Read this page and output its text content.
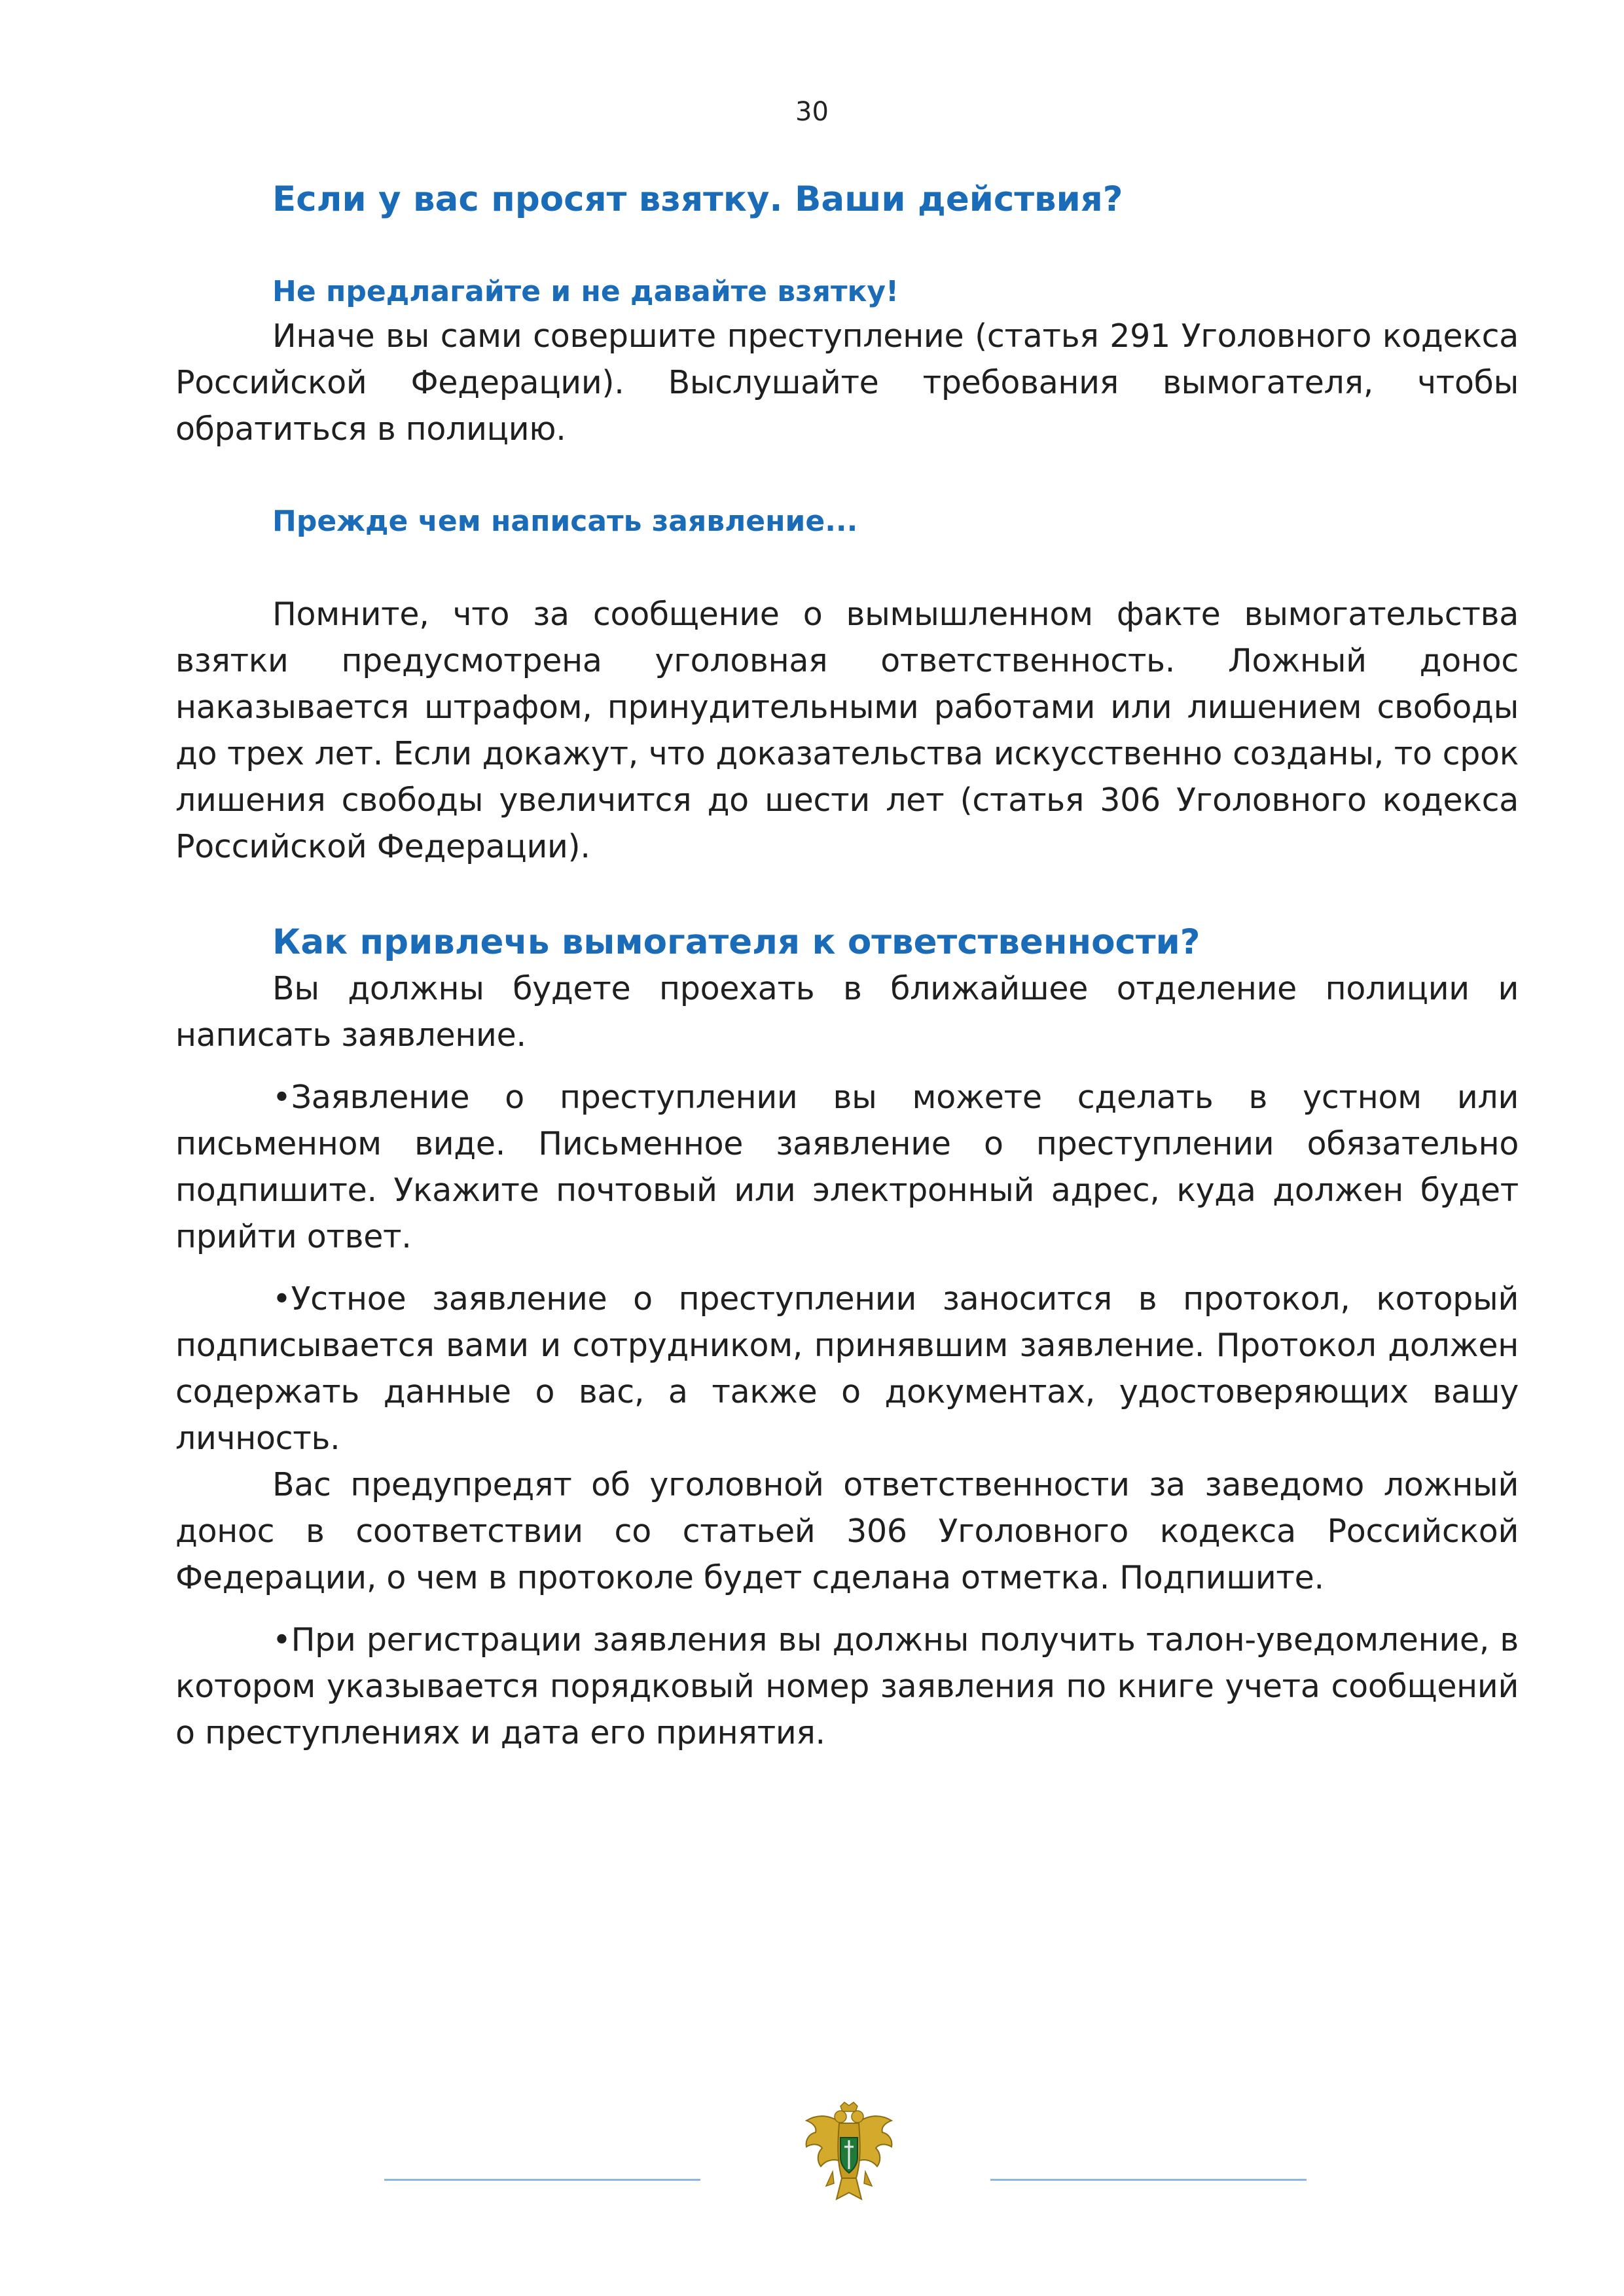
30
Если у вас просят взятку. Ваши действия?
Не предлагайте и не давайте взятку!

Иначе вы сами совершите преступление (статья 291 Уголовного кодекса Российской Федерации). Выслушайте требования вымогателя, чтобы обратиться в полицию.

Прежде чем написать заявление...

Помните, что за сообщение о вымышленном факте вымогательства взятки предусмотрена уголовная ответственность. Ложный донос наказывается штрафом, принудительными работами или лишением свободы до трех лет. Если докажут, что доказательства искусственно созданы, то срок лишения свободы увеличится до шести лет (статья 306 Уголовного кодекса Российской Федерации).

Как привлечь вымогателя к ответственности?

Вы должны будете проехать в ближайшее отделение полиции и написать заявление.

•Заявление о преступлении вы можете сделать в устном или письменном виде. Письменное заявление о преступлении обязательно подпишите. Укажите почтовый или электронный адрес, куда должен будет прийти ответ.

•Устное заявление о преступлении заносится в протокол, который подписывается вами и сотрудником, принявшим заявление. Протокол должен содержать данные о вас, а также о документах, удостоверяющих вашу личность.

Вас предупредят об уголовной ответственности за заведомо ложный донос в соответствии со статьей 306 Уголовного кодекса Российской Федерации, о чем в протоколе будет сделана отметка. Подпишите.

•При регистрации заявления вы должны получить талон-уведомление, в котором указывается порядковый номер заявления по книге учета сообщений о преступлениях и дата его принятия.
